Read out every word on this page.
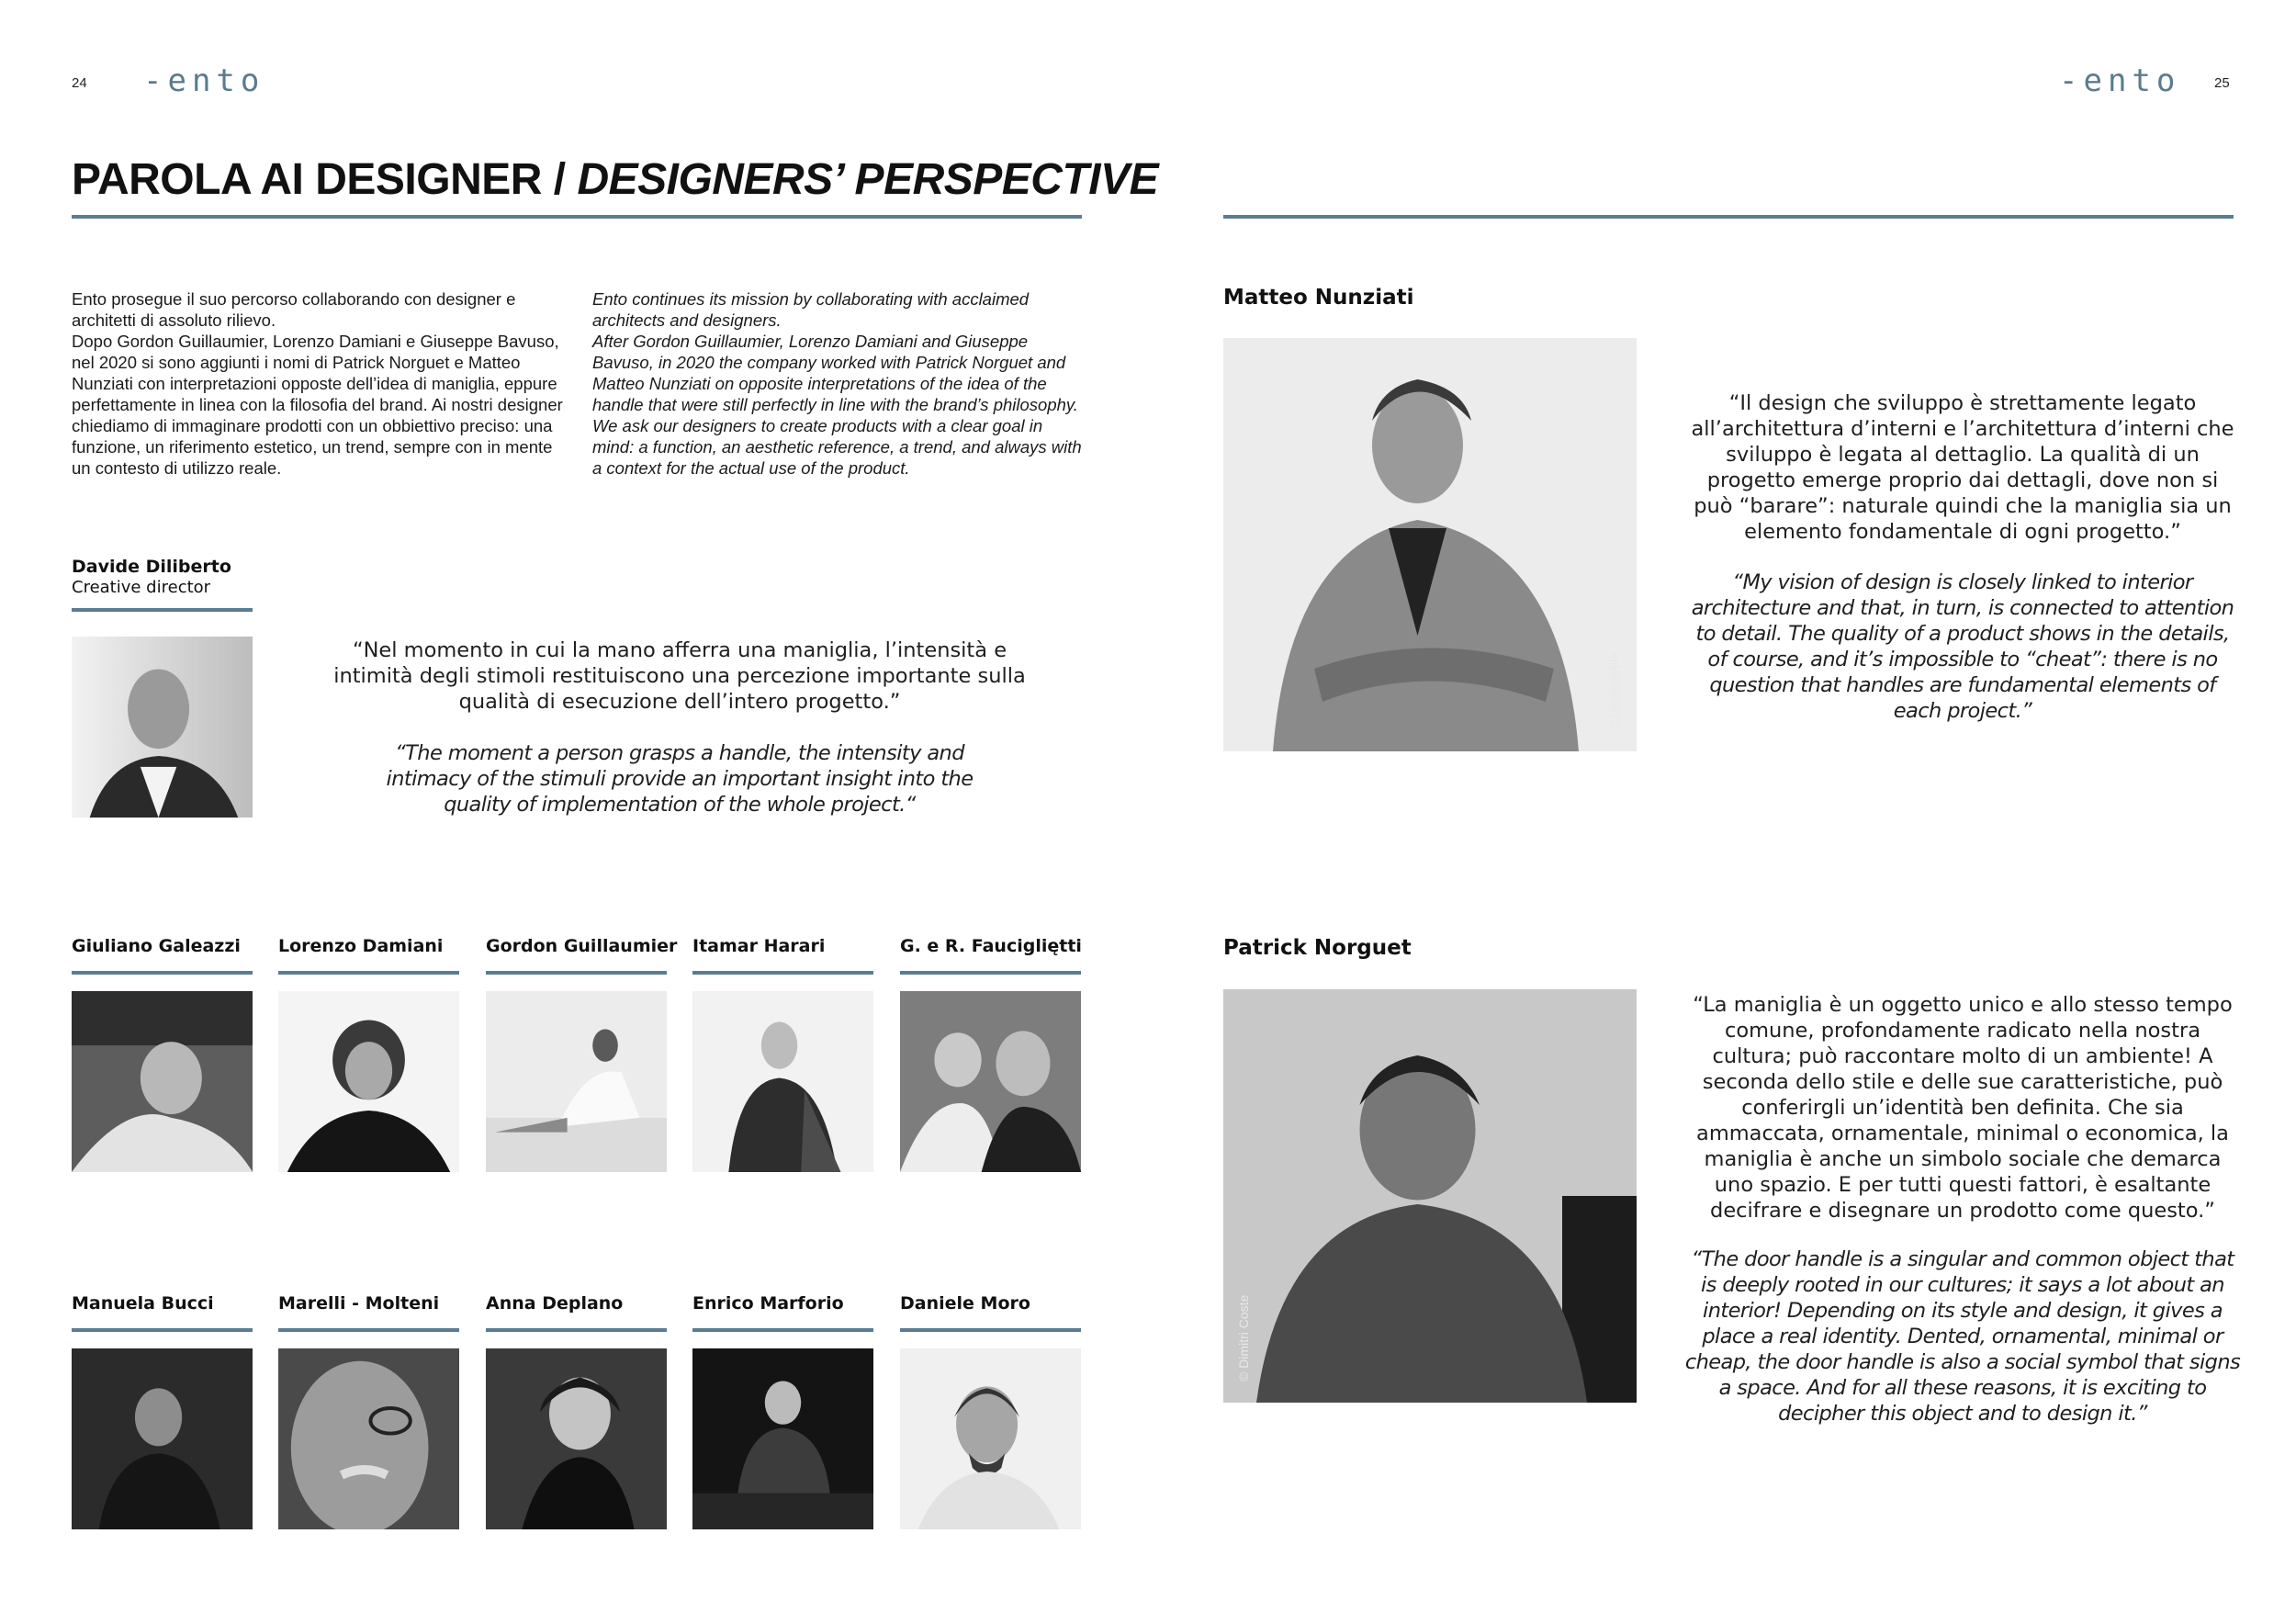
24 -ento
PAROLA AI DESIGNER / DESIGNERS’ PERSPECTIVE
Ento prosegue il suo percorso collaborando con designer e architetti di assoluto rilievo.
Dopo Gordon Guillaumier, Lorenzo Damiani e Giuseppe Bavuso, nel 2020 si sono aggiunti i nomi di Patrick Norguet e Matteo Nunziati con interpretazioni opposte dell’idea di maniglia, eppure perfettamente in linea con la filosofia del brand. Ai nostri designer chiediamo di immaginare prodotti con un obbiettivo preciso: una funzione, un riferimento estetico, un trend, sempre con in mente un contesto di utilizzo reale.
Ento continues its mission by collaborating with acclaimed architects and designers.
After Gordon Guillaumier, Lorenzo Damiani and Giuseppe Bavuso, in 2020 the company worked with Patrick Norguet and Matteo Nunziati on opposite interpretations of the idea of the handle that were still perfectly in line with the brand’s philosophy. We ask our designers to create products with a clear goal in mind: a function, an aesthetic reference, a trend, and always with a context for the actual use of the product.
Davide Diliberto
Creative director
“Nel momento in cui la mano afferra una maniglia, l’intensità e intimità degli stimoli restituiscono una percezione importante sulla qualità di esecuzione dell’intero progetto.”
“The moment a person grasps a handle, the intensity and intimacy of the stimuli provide an important insight into the quality of implementation of the whole project.“
Giuliano Galeazzi Lorenzo Damiani Gordon Guillaumier Itamar Harari	G. e R. Faucigliętti
Manuela Bucci	Marelli - Molteni	Anna Deplano	Enrico Marforio	Daniele Moro
-ento 25
Matteo Nunziati
© Dinah Wille
“Il design che sviluppo è strettamente legato all’architettura d’interni e l’architettura d’interni che sviluppo è legata al dettaglio. La qualità di un progetto emerge proprio dai dettagli, dove non si può “barare”: naturale quindi che la maniglia sia un elemento fondamentale di ogni progetto.”
“My vision of design is closely linked to interior architecture and that, in turn, is connected to attention to detail. The quality of a product shows in the details, of course, and it’s impossible to “cheat”: there is no question that handles are fundamental elements of each project.”
Patrick Norguet
© Dimitri Coste
“La maniglia è un oggetto unico e allo stesso tempo comune, profondamente radicato nella nostra cultura; può raccontare molto di un ambiente! A seconda dello stile e delle sue caratteristiche, può conferirgli un’identità ben definita. Che sia ammaccata, ornamentale, minimal o economica, la maniglia è anche un simbolo sociale che demarca uno spazio. E per tutti questi fattori, è esaltante decifrare e disegnare un prodotto come questo.”
“The door handle is a singular and common object that is deeply rooted in our cultures; it says a lot about an interior! Depending on its style and design, it gives a place a real identity. Dented, ornamental, minimal or cheap, the door handle is also a social symbol that signs a space. And for all these reasons, it is exciting to decipher this object and to design it.”
